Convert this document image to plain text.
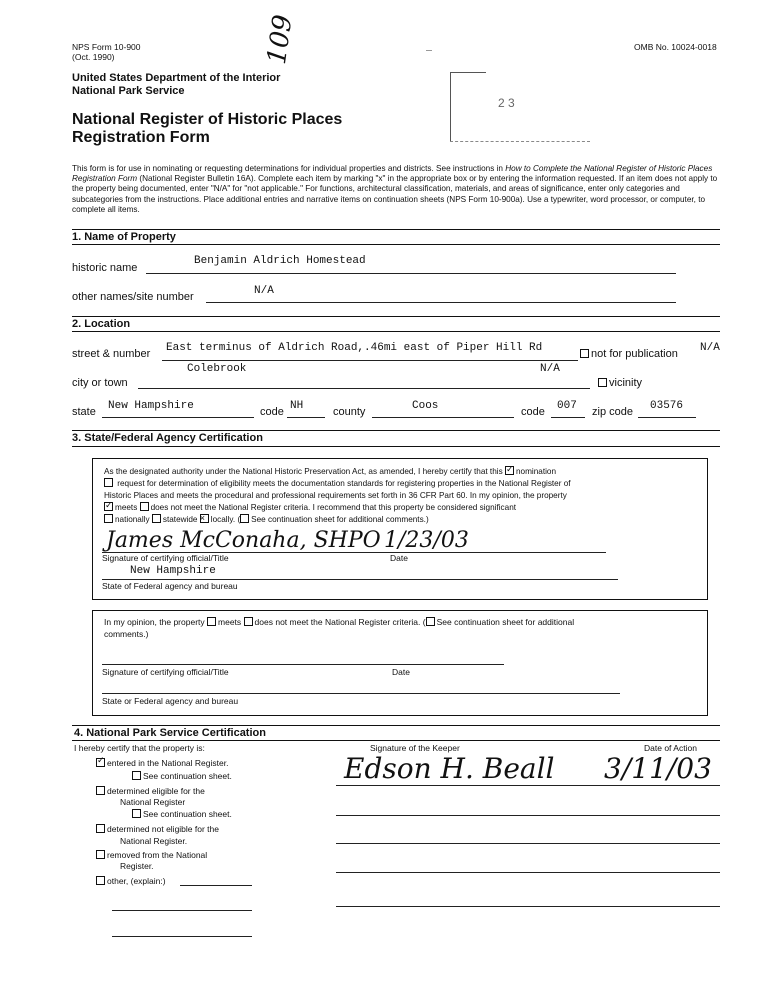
NPS Form 10-900
(Oct. 1990)
OMB No. 10024-0018
109
United States Department of the Interior
National Park Service
National Register of Historic Places
Registration Form
2 3
This form is for use in nominating or requesting determinations for individual properties and districts. See instructions in How to Complete the National Register of Historic Places Registration Form (National Register Bulletin 16A). Complete each item by marking "x" in the appropriate box or by entering the information requested. If an item does not apply to the property being documented, enter "N/A" for "not applicable." For functions, architectural classification, materials, and areas of significance, enter only categories and subcategories from the instructions. Place additional entries and narrative items on continuation sheets (NPS Form 10-900a). Use a typewriter, word processor, or computer, to complete all items.
1. Name of Property
historic name
Benjamin Aldrich Homestead
other names/site number	N/A
2. Location
street & number East terminus of Aldrich Road,.46mi east of Piper Hill Rd	not for publication N/A
city or town
Colebrook	N/A
vicinity
state New Hampshire	code NH	county	Coos	code 007 zip code 03576
3. State/Federal Agency Certification
As the designated authority under the National Historic Preservation Act, as amended, I hereby certify that this ✓ nomination
request for determination of eligibility meets the documentation standards for registering properties in the National Register of
Historic Places and meets the procedural and professional requirements set forth in 36 CFR Part 60. In my opinion, the property
✓ meets does not meet the National Register criteria. I recommend that this property be considered significant
nationally statewide × locally. ( See continuation sheet for additional comments.)
James McConaha, SHPO 1/23/03
Signature of certifying official/Title	Date
New Hampshire
State of Federal agency and bureau
In my opinion, the property meets does not meet the National Register criteria. ( See continuation sheet for additional
comments.)
Signature of certifying official/Title	Date
State or Federal agency and bureau
4. National Park Service Certification
I hereby certify that the property is:	Signature of the Keeper	Date of Action
Edson H. Beall 3/11/03
✓ entered in the National Register.
See continuation sheet.
determined eligible for the
National Register
See continuation sheet.
determined not eligible for the
National Register.
removed from the National
Register.
other, (explain:)
